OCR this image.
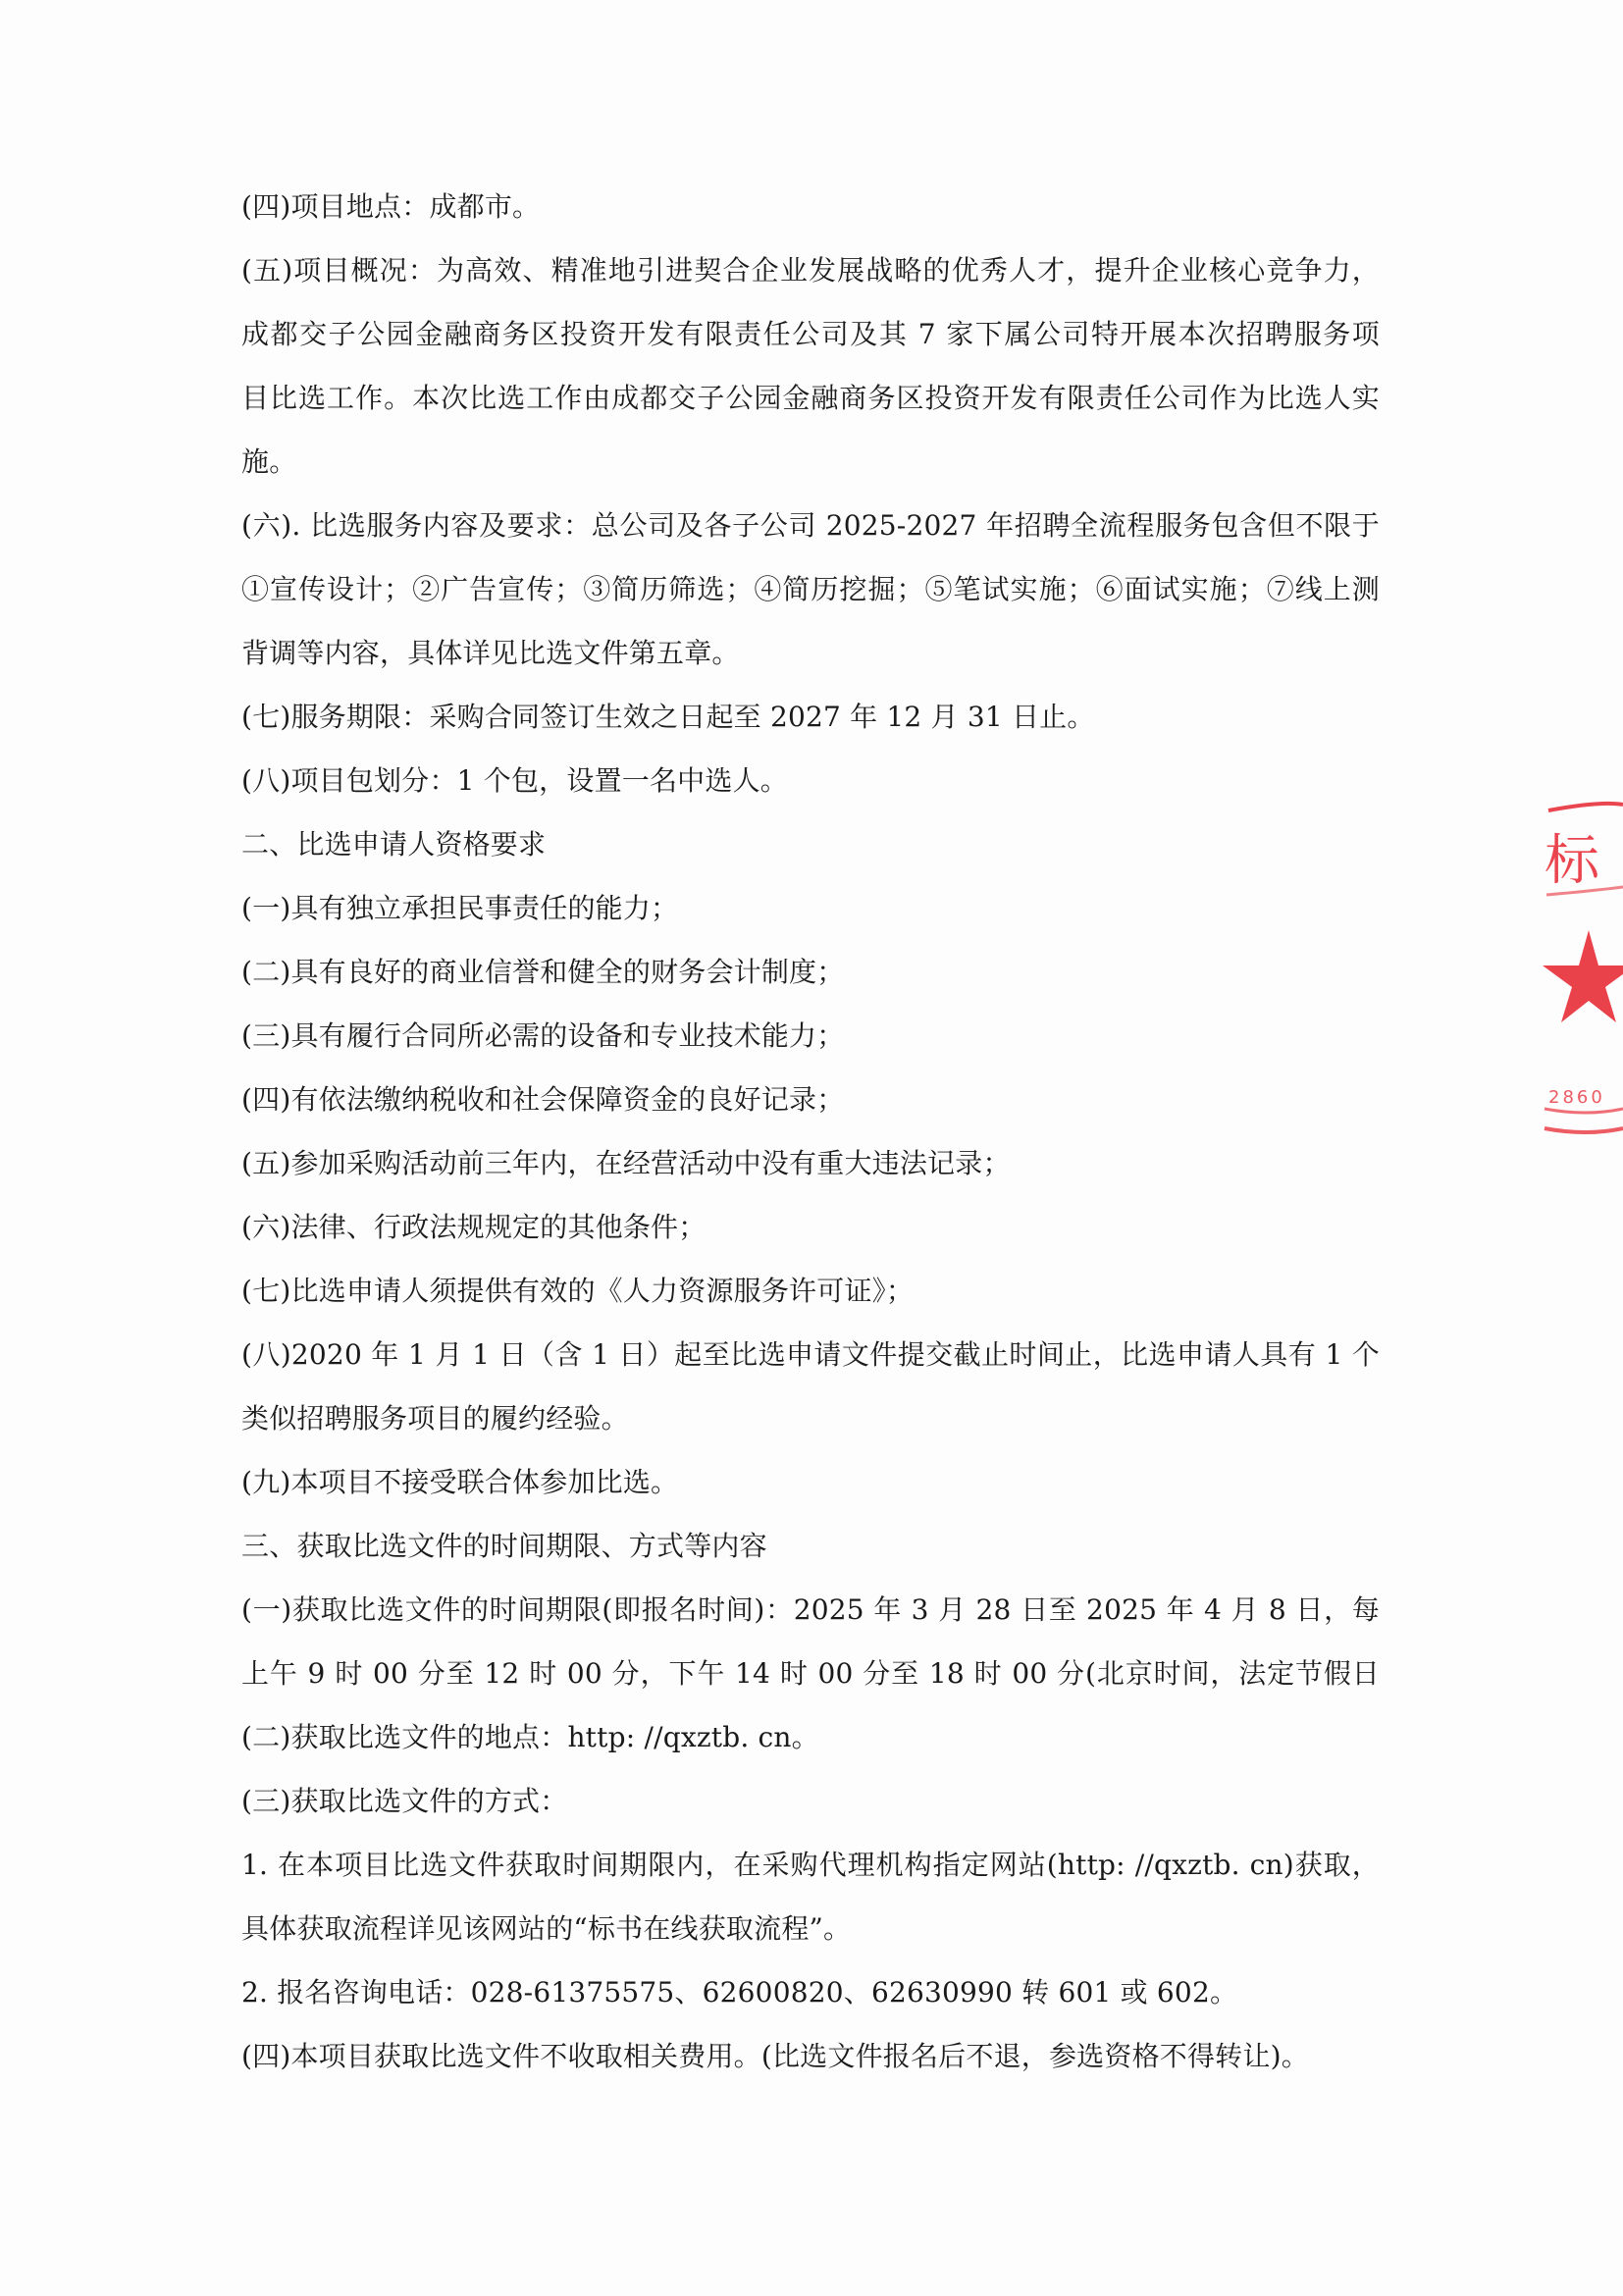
(四)项目地点：成都市。
(五)项目概况：为高效、精准地引进契合企业发展战略的优秀人才，提升企业核心竞争力，
成都交子公园金融商务区投资开发有限责任公司及其 7 家下属公司特开展本次招聘服务项
目比选工作。本次比选工作由成都交子公园金融商务区投资开发有限责任公司作为比选人实
施。
(六). 比选服务内容及要求：总公司及各子公司 2025-2027 年招聘全流程服务包含但不限于
①宣传设计；②广告宣传；③简历筛选；④简历挖掘；⑤笔试实施；⑥面试实施；⑦线上测
背调等内容，具体详见比选文件第五章。
(七)服务期限：采购合同签订生效之日起至 2027 年 12 月 31 日止。
(八)项目包划分：1 个包，设置一名中选人。
二、比选申请人资格要求
(一)具有独立承担民事责任的能力；
(二)具有良好的商业信誉和健全的财务会计制度；
(三)具有履行合同所必需的设备和专业技术能力；
(四)有依法缴纳税收和社会保障资金的良好记录；
(五)参加采购活动前三年内，在经营活动中没有重大违法记录；
(六)法律、行政法规规定的其他条件；
(七)比选申请人须提供有效的《人力资源服务许可证》；
(八)2020 年 1 月 1 日（含 1 日）起至比选申请文件提交截止时间止，比选申请人具有 1 个
类似招聘服务项目的履约经验。
(九)本项目不接受联合体参加比选。
三、获取比选文件的时间期限、方式等内容
(一)获取比选文件的时间期限(即报名时间)：2025 年 3 月 28 日至 2025 年 4 月 8 日，每
上午 9 时 00 分至 12 时 00 分，下午 14 时 00 分至 18 时 00 分(北京时间，法定节假日
(二)获取比选文件的地点：http: //qxztb. cn。
(三)获取比选文件的方式：
1. 在本项目比选文件获取时间期限内，在采购代理机构指定网站(http: //qxztb. cn)获取，
具体获取流程详见该网站的“标书在线获取流程”。
2. 报名咨询电话：028-61375575、62600820、62630990 转 601 或 602。
(四)本项目获取比选文件不收取相关费用。(比选文件报名后不退，参选资格不得转让)。
标
2860
